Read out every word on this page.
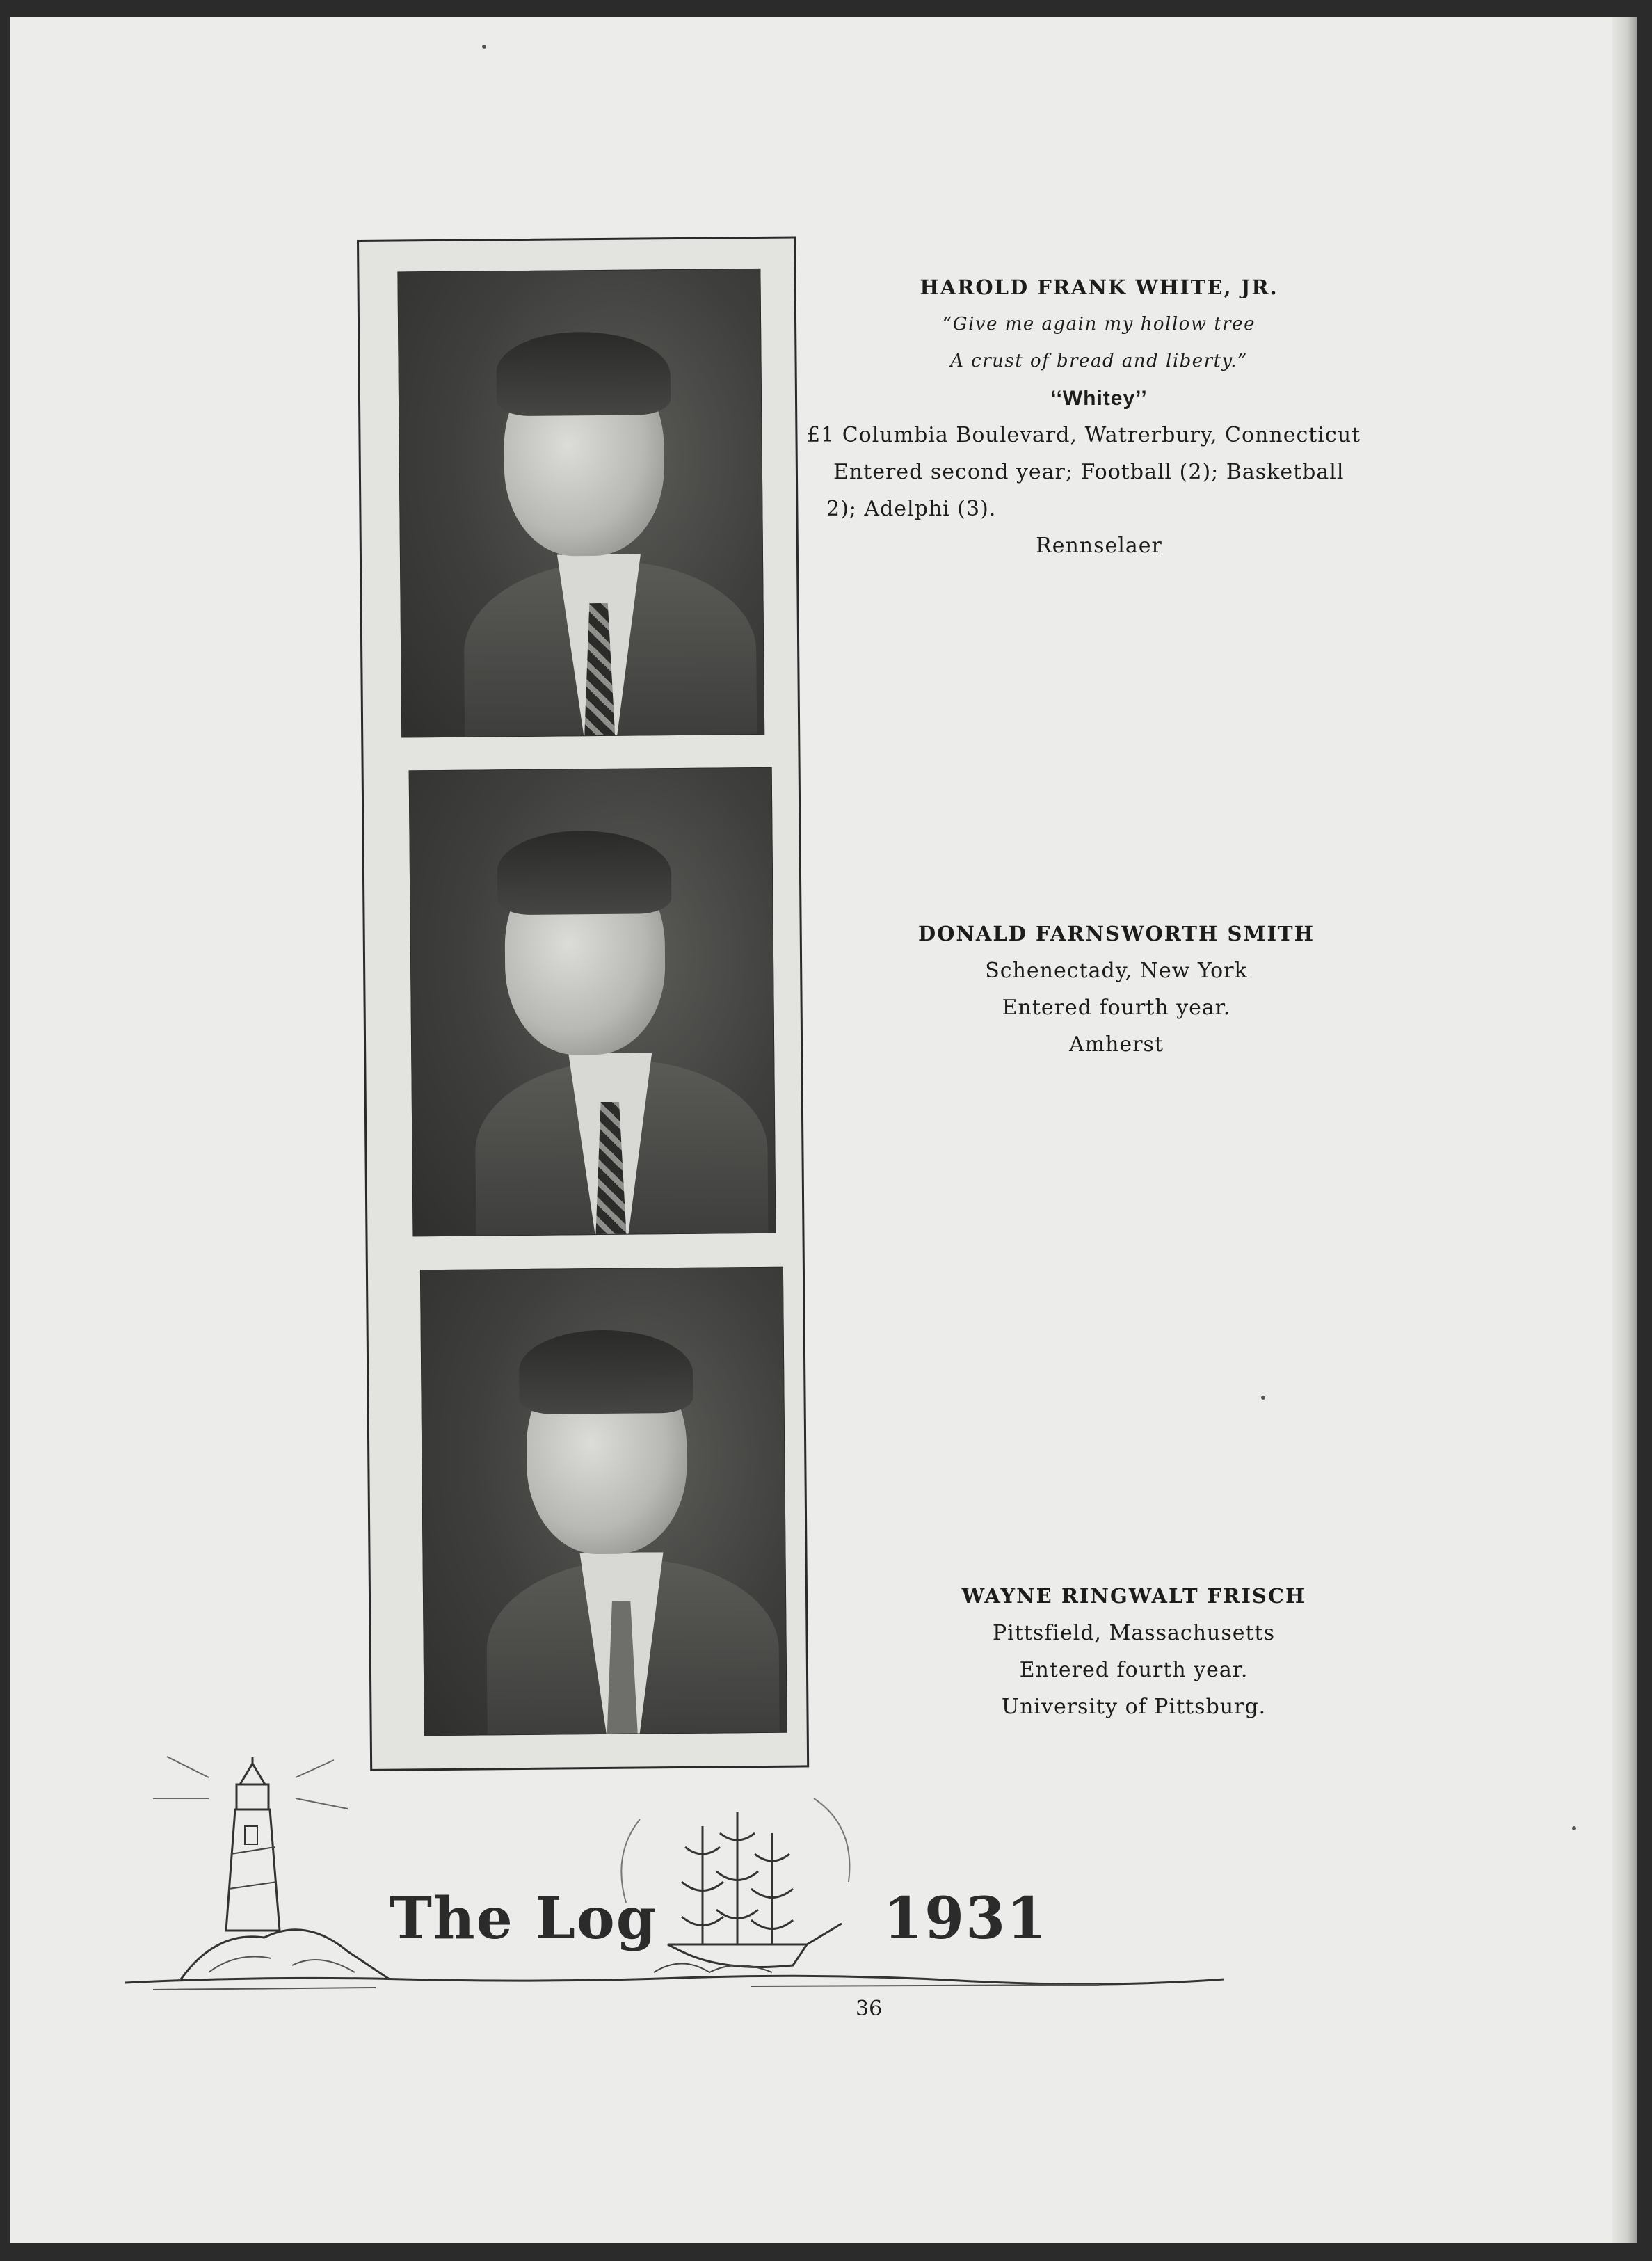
HAROLD FRANK WHITE, JR.
“Give me again my hollow tree
A crust of bread and liberty.”
‘‘Whitey’’
£1 Columbia Boulevard, Watrerbury, Connecticut
Entered second year; Football (2); Basketball
2); Adelphi (3).
Rennselaer
DONALD FARNSWORTH SMITH
Schenectady, New York
Entered fourth year.
Amherst
WAYNE RINGWALT FRISCH
Pittsfield, Massachusetts
Entered fourth year.
University of Pittsburg.
The Log	1931
36
